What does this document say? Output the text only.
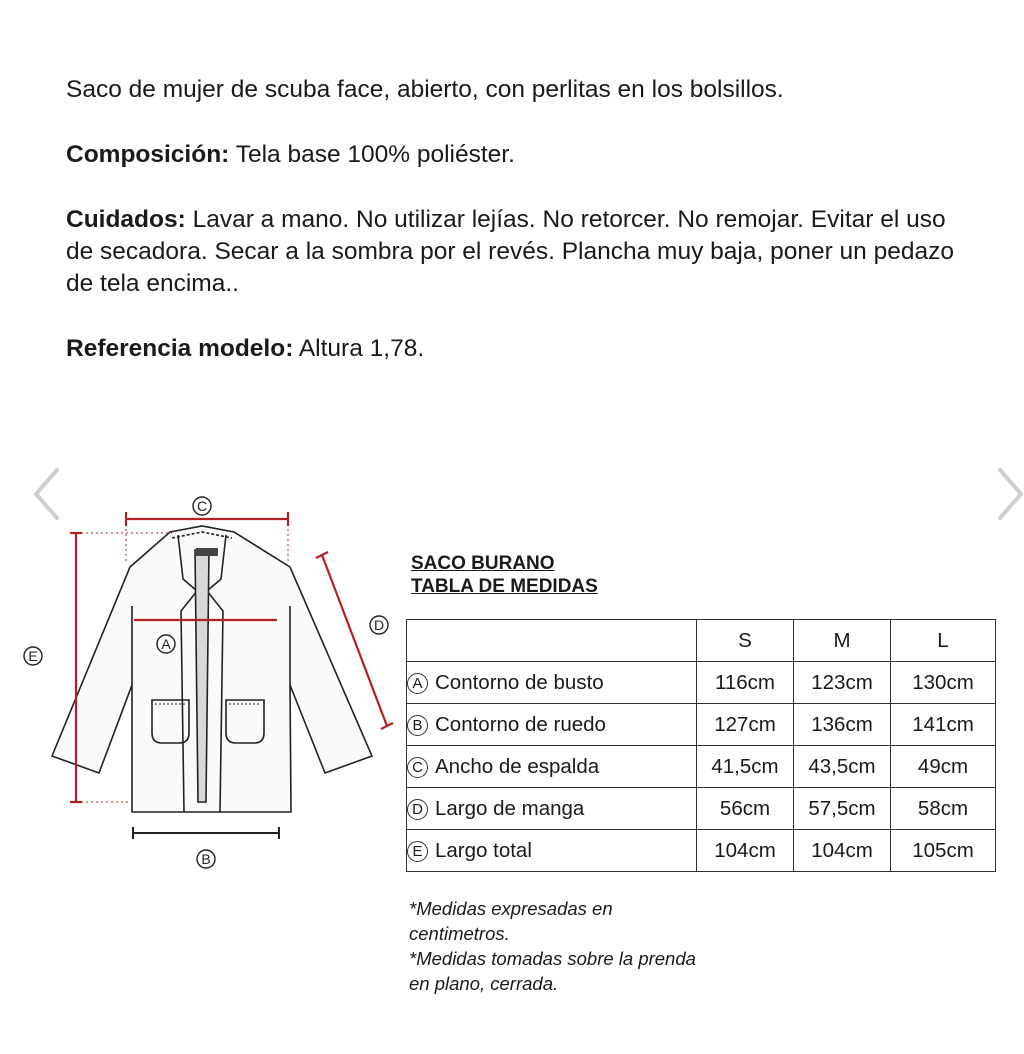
Saco de mujer de scuba face, abierto, con perlitas en los bolsillos.

Composición: Tela base 100% poliéster.

Cuidados: Lavar a mano. No utilizar lejías. No retorcer. No remojar. Evitar el uso de secadora. Secar a la sombra por el revés. Plancha muy baja, poner un pedazo de tela encima..

Referencia modelo: Altura 1,78.

C
A
D
E
B
SACO BURANO
TABLA DE MEDIDAS
	S	M	L
A Contorno de busto	116cm	123cm	130cm
B Contorno de ruedo	127cm	136cm	141cm
C Ancho de espalda	41,5cm	43,5cm	49cm
D Largo de manga	56cm	57,5cm	58cm
E Largo total	104cm	104cm	105cm

*Medidas expresadas en centimetros.

*Medidas tomadas sobre la prenda en plano, cerrada.
